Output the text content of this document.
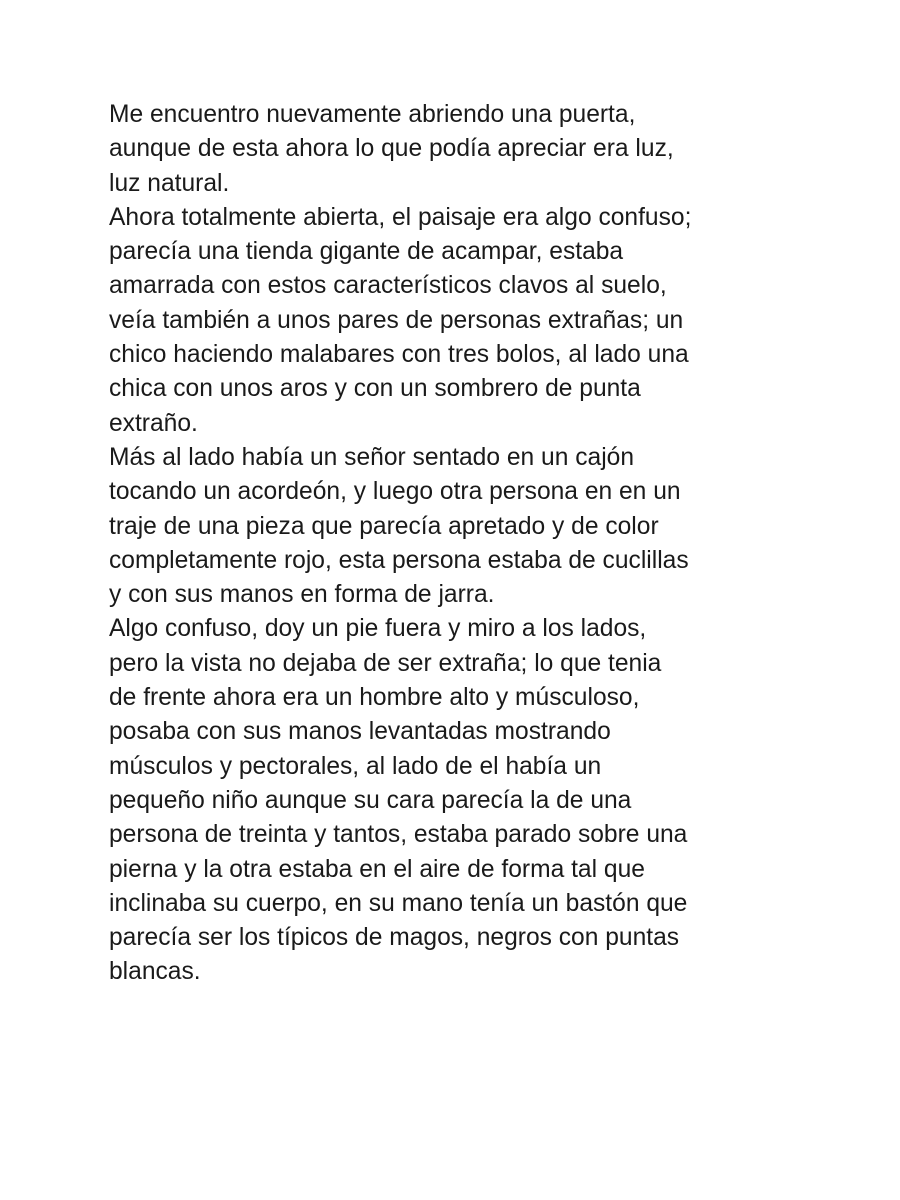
Me encuentro nuevamente abriendo una puerta,
aunque de esta ahora lo que podía apreciar era luz,
luz natural.
Ahora totalmente abierta, el paisaje era algo confuso;
parecía una tienda gigante de acampar, estaba
amarrada con estos característicos clavos al suelo,
veía también a unos pares de personas extrañas; un
chico haciendo malabares con tres bolos, al lado una
chica con unos aros y con un sombrero de punta
extraño.
Más al lado había un señor sentado en un cajón
tocando un acordeón, y luego otra persona en en un
traje de una pieza que parecía apretado y de color
completamente rojo, esta persona estaba de cuclillas
y con sus manos en forma de jarra.
Algo confuso, doy un pie fuera y miro a los lados,
pero la vista no dejaba de ser extraña; lo que tenia
de frente ahora era un hombre alto y músculoso,
posaba con sus manos levantadas mostrando
músculos y pectorales, al lado de el había un
pequeño niño aunque su cara parecía la de una
persona de treinta y tantos, estaba parado sobre una
pierna y la otra estaba en el aire de forma tal que
inclinaba su cuerpo, en su mano tenía un bastón que
parecía ser los típicos de magos, negros con puntas
blancas.
